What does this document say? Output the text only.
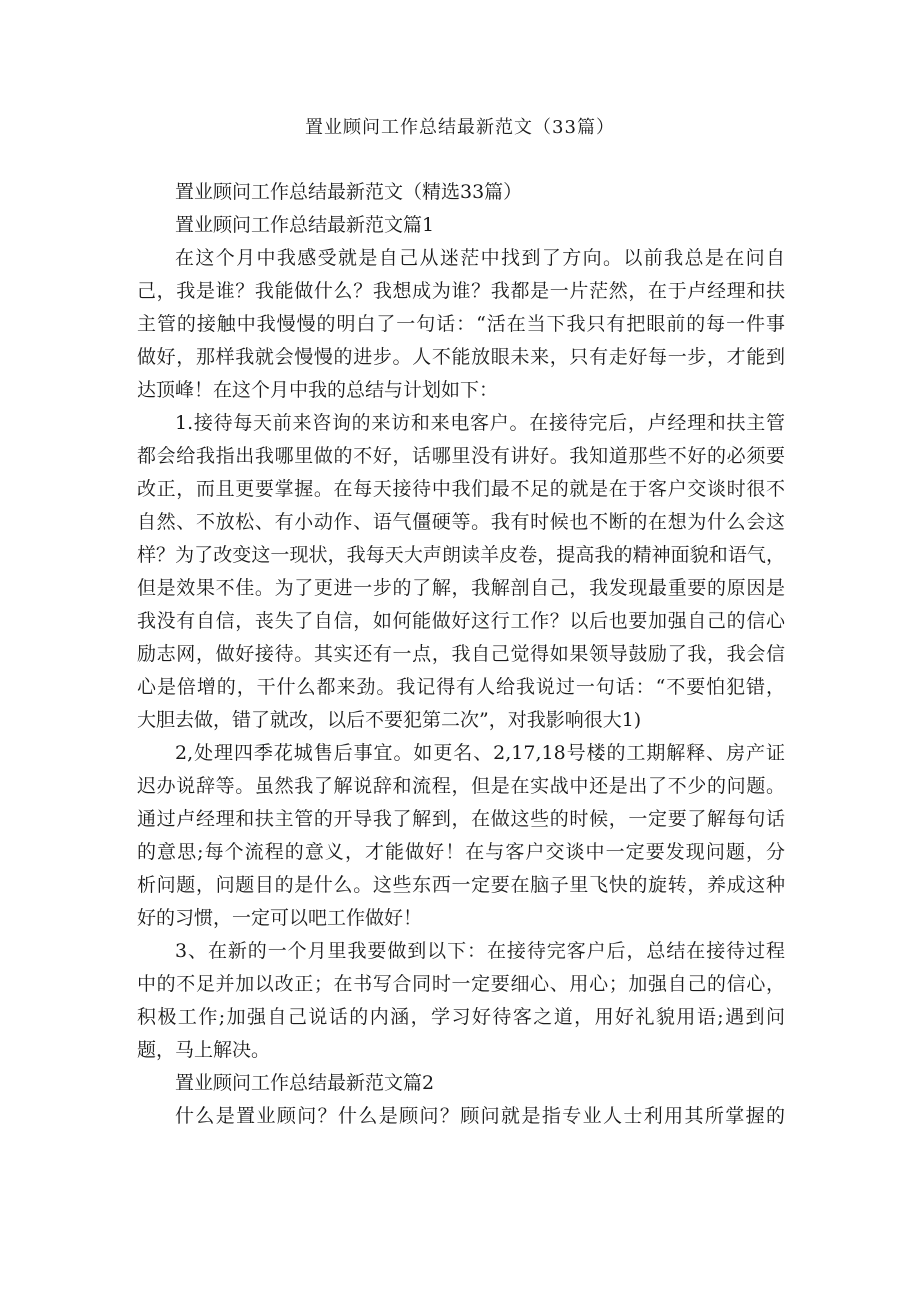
置业顾问工作总结最新范文（33篇）

置业顾问工作总结最新范文（精选33篇）

置业顾问工作总结最新范文篇1

在这个月中我感受就是自己从迷茫中找到了方向。以前我总是在问自

己，我是谁？我能做什么？我想成为谁？我都是一片茫然，在于卢经理和扶

主管的接触中我慢慢的明白了一句话：“活在当下我只有把眼前的每一件事

做好，那样我就会慢慢的进步。人不能放眼未来，只有走好每一步，才能到

达顶峰！在这个月中我的总结与计划如下：

1.接待每天前来咨询的来访和来电客户。在接待完后，卢经理和扶主管

都会给我指出我哪里做的不好，话哪里没有讲好。我知道那些不好的必须要

改正，而且更要掌握。在每天接待中我们最不足的就是在于客户交谈时很不

自然、不放松、有小动作、语气僵硬等。我有时候也不断的在想为什么会这

样？为了改变这一现状，我每天大声朗读羊皮卷，提高我的精神面貌和语气，

但是效果不佳。为了更进一步的了解，我解剖自己，我发现最重要的原因是

我没有自信，丧失了自信，如何能做好这行工作？以后也要加强自己的信心

励志网，做好接待。其实还有一点，我自己觉得如果领导鼓励了我，我会信

心是倍增的，干什么都来劲。我记得有人给我说过一句话：“不要怕犯错，

大胆去做，错了就改，以后不要犯第二次”，对我影响很大1)

2,处理四季花城售后事宜。如更名、2,17,18号楼的工期解释、房产证

迟办说辞等。虽然我了解说辞和流程，但是在实战中还是出了不少的问题。

通过卢经理和扶主管的开导我了解到，在做这些的时候，一定要了解每句话

的意思;每个流程的意义，才能做好！在与客户交谈中一定要发现问题，分

析问题，问题目的是什么。这些东西一定要在脑子里飞快的旋转，养成这种

好的习惯，一定可以吧工作做好！

3、在新的一个月里我要做到以下：在接待完客户后，总结在接待过程

中的不足并加以改正；在书写合同时一定要细心、用心；加强自己的信心，

积极工作;加强自己说话的内涵，学习好待客之道，用好礼貌用语;遇到问

题，马上解决。

置业顾问工作总结最新范文篇2

什么是置业顾问？什么是顾问？顾问就是指专业人士利用其所掌握的
